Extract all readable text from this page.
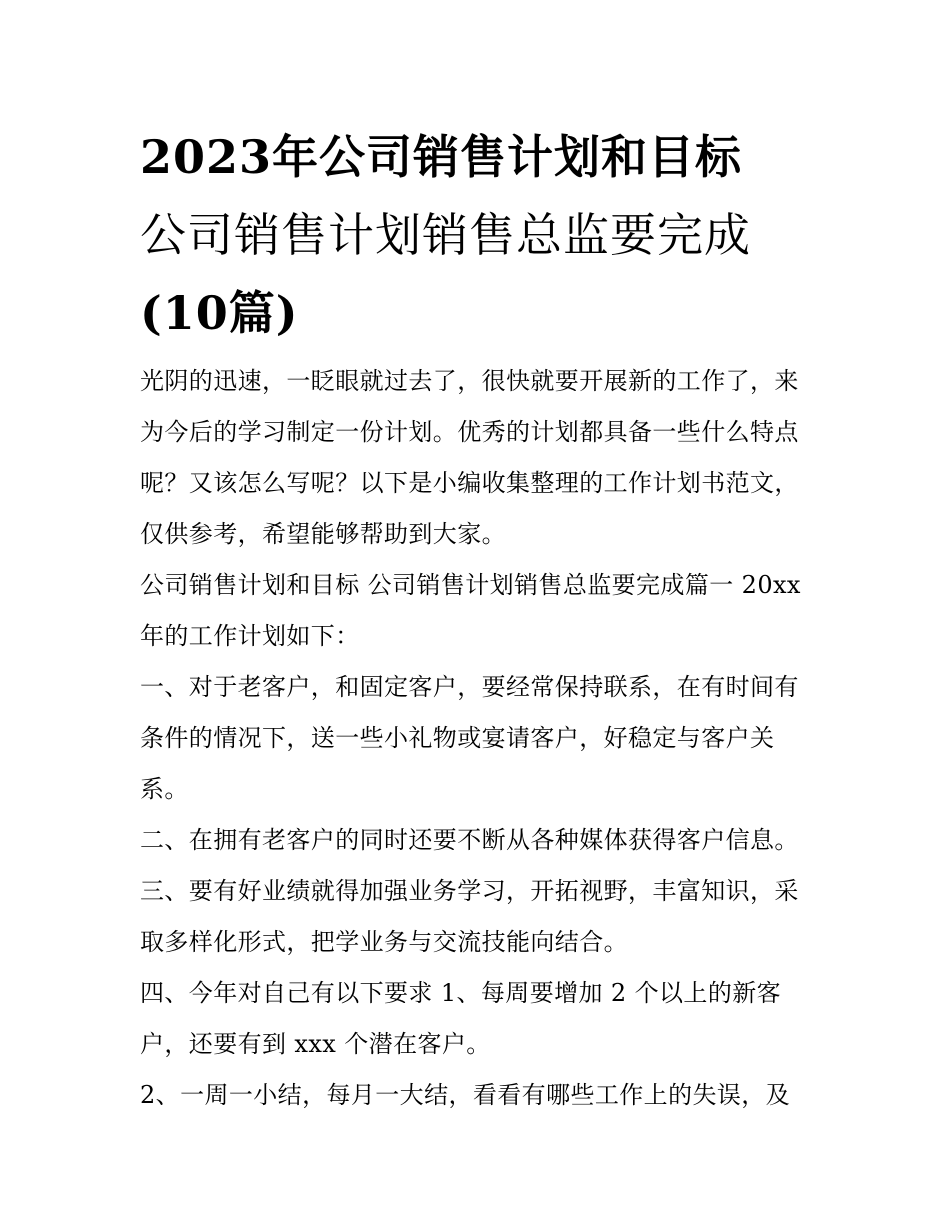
2023年公司销售计划和目标
公司销售计划销售总监要完成
(10篇)
光阴的迅速，一眨眼就过去了，很快就要开展新的工作了，来
为今后的学习制定一份计划。优秀的计划都具备一些什么特点
呢？又该怎么写呢？以下是小编收集整理的工作计划书范文，
仅供参考，希望能够帮助到大家。
公司销售计划和目标 公司销售计划销售总监要完成篇一 20xx
年的工作计划如下：
一、对于老客户，和固定客户，要经常保持联系，在有时间有
条件的情况下，送一些小礼物或宴请客户，好稳定与客户关
系。
二、在拥有老客户的同时还要不断从各种媒体获得客户信息。
三、要有好业绩就得加强业务学习，开拓视野，丰富知识，采
取多样化形式，把学业务与交流技能向结合。
四、今年对自己有以下要求 1、每周要增加 2 个以上的新客
户，还要有到 xxx 个潜在客户。
2、一周一小结，每月一大结，看看有哪些工作上的失误，及
